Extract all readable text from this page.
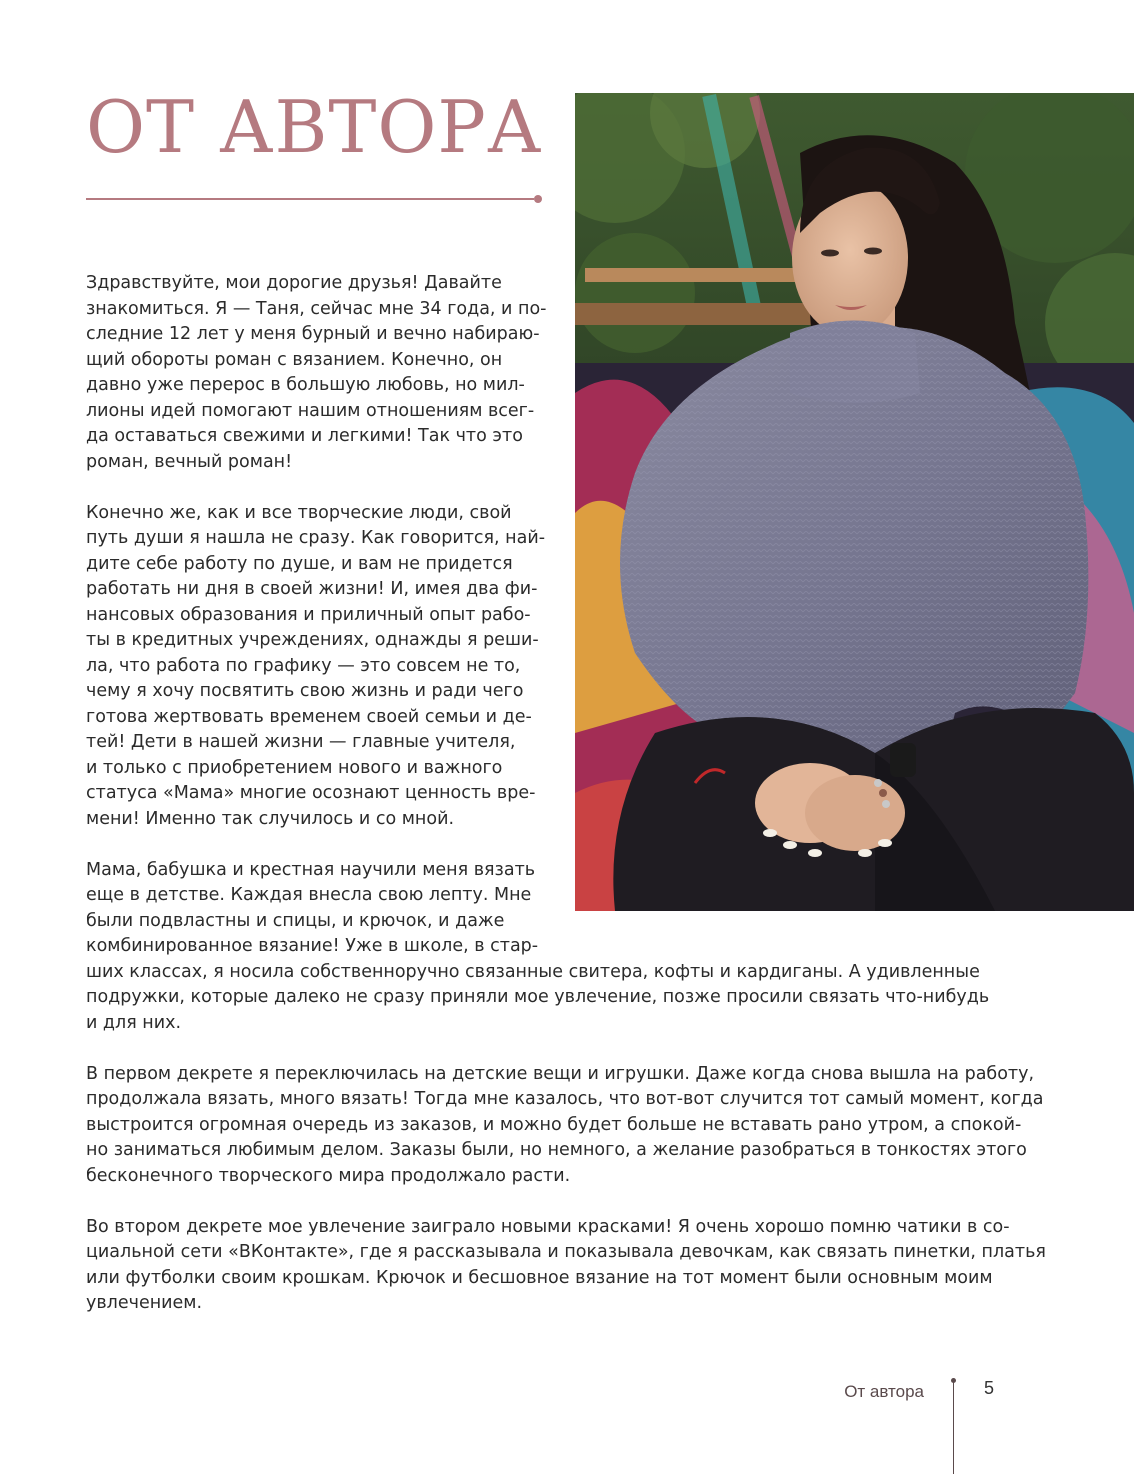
ОТ АВТОРА

Здравствуйте, мои дорогие друзья! Давайте
знакомиться. Я — Таня, сейчас мне 34 года, и по-
следние 12 лет у меня бурный и вечно набираю-
щий обороты роман с вязанием. Конечно, он
давно уже перерос в большую любовь, но мил-
лионы идей помогают нашим отношениям всег-
да оставаться свежими и легкими! Так что это
роман, вечный роман!

Конечно же, как и все творческие люди, свой
путь души я нашла не сразу. Как говорится, най-
дите себе работу по душе, и вам не придется
работать ни дня в своей жизни! И, имея два фи-
нансовых образования и приличный опыт рабо-
ты в кредитных учреждениях, однажды я реши-
ла, что работа по графику — это совсем не то,
чему я хочу посвятить свою жизнь и ради чего
готова жертвовать временем своей семьи и де-
тей! Дети в нашей жизни — главные учителя,
и только с приобретением нового и важного
статуса «Мама» многие осознают ценность вре-
мени! Именно так случилось и со мной.

Мама, бабушка и крестная научили меня вязать
еще в детстве. Каждая внесла свою лепту. Мне
были подвластны и спицы, и крючок, и даже
комбинированное вязание! Уже в школе, в стар-
ших классах, я носила собственноручно связанные свитера, кофты и кардиганы. А удивленные
подружки, которые далеко не сразу приняли мое увлечение, позже просили связать что-нибудь
и для них.

В первом декрете я переключилась на детские вещи и игрушки. Даже когда снова вышла на работу,
продолжала вязать, много вязать! Тогда мне казалось, что вот-вот случится тот самый момент, когда
выстроится огромная очередь из заказов, и можно будет больше не вставать рано утром, а спокой-
но заниматься любимым делом. Заказы были, но немного, а желание разобраться в тонкостях этого
бесконечного творческого мира продолжало расти.

Во втором декрете мое увлечение заиграло новыми красками! Я очень хорошо помню чатики в со-
циальной сети «ВКонтакте», где я рассказывала и показывала девочкам, как связать пинетки, платья
или футболки своим крошкам. Крючок и бесшовное вязание на тот момент были основным моим
увлечением.

От автора	5
